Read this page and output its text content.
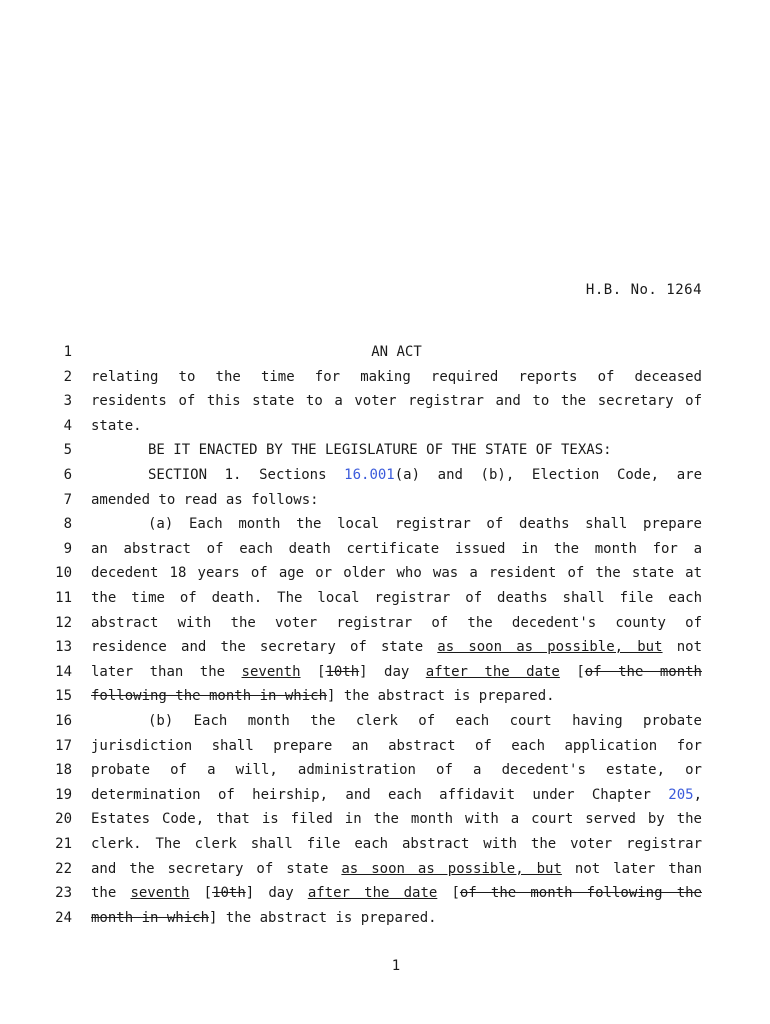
H.B. No. 1264
1	AN ACT
2 relating to the time for making required reports of deceased
3 residents of this state to a voter registrar and to the secretary of
4 state.
5	BE IT ENACTED BY THE LEGISLATURE OF THE STATE OF TEXAS:
6	SECTION 1. Sections 16.001(a) and (b), Election Code, are
7 amended to read as follows:
8	(a) Each month the local registrar of deaths shall prepare
9 an abstract of each death certificate issued in the month for a
10 decedent 18 years of age or older who was a resident of the state at
11 the time of death. The local registrar of deaths shall file each
12 abstract with the voter registrar of the decedent's county of
13 residence and the secretary of state as soon as possible, but not
14 later than the seventh [10th] day after the date [of the month
15 following the month in which] the abstract is prepared.
16	(b) Each month the clerk of each court having probate
17 jurisdiction shall prepare an abstract of each application for
18 probate of a will, administration of a decedent's estate, or
19 determination of heirship, and each affidavit under Chapter 205,
20 Estates Code, that is filed in the month with a court served by the
21 clerk. The clerk shall file each abstract with the voter registrar
22 and the secretary of state as soon as possible, but not later than
23 the seventh [10th] day after the date [of the month following the
24 month in which] the abstract is prepared.
1
